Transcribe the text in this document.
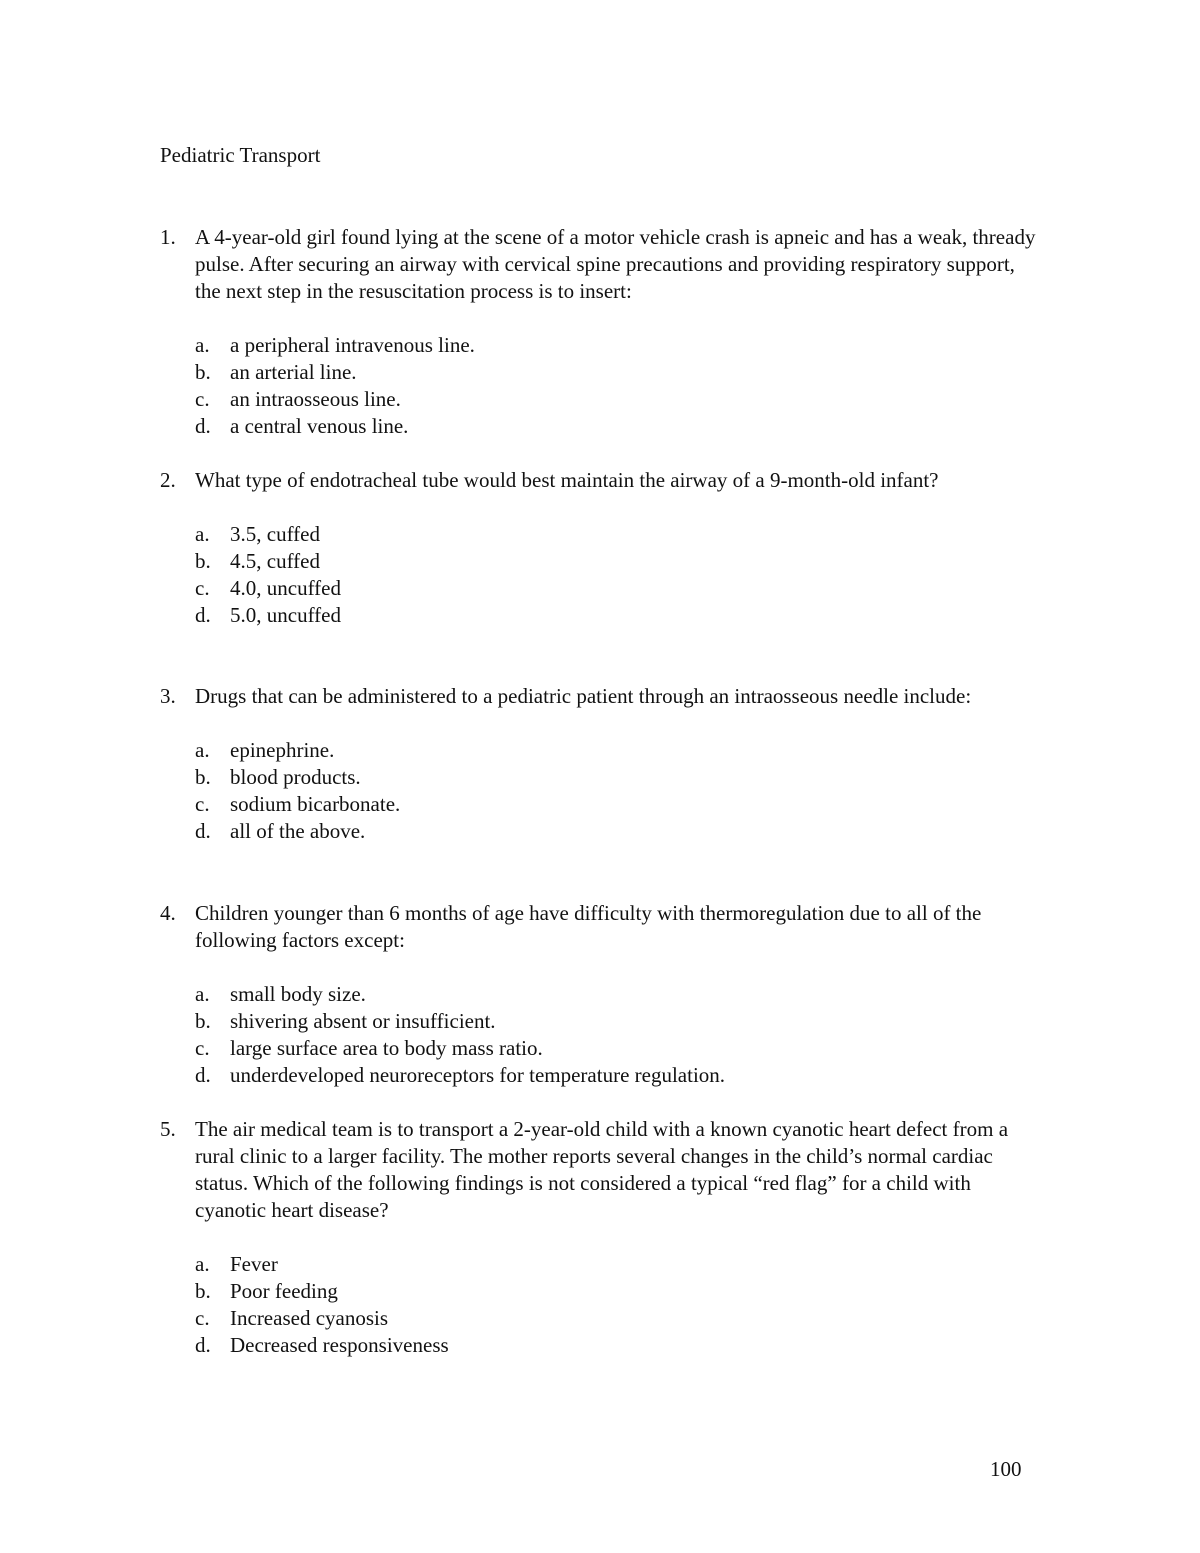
Pediatric Transport
1. A 4-year-old girl found lying at the scene of a motor vehicle crash is apneic and has a weak, thready pulse. After securing an airway with cervical spine precautions and providing respiratory support, the next step in the resuscitation process is to insert:
a. a peripheral intravenous line.
b. an arterial line.
c. an intraosseous line.
d. a central venous line.
2. What type of endotracheal tube would best maintain the airway of a 9-month-old infant?
a. 3.5, cuffed
b. 4.5, cuffed
c. 4.0, uncuffed
d. 5.0, uncuffed
3. Drugs that can be administered to a pediatric patient through an intraosseous needle include:
a. epinephrine.
b. blood products.
c. sodium bicarbonate.
d. all of the above.
4. Children younger than 6 months of age have difficulty with thermoregulation due to all of the following factors except:
a. small body size.
b. shivering absent or insufficient.
c. large surface area to body mass ratio.
d. underdeveloped neuroreceptors for temperature regulation.
5. The air medical team is to transport a 2-year-old child with a known cyanotic heart defect from a rural clinic to a larger facility. The mother reports several changes in the child’s normal cardiac status. Which of the following findings is not considered a typical “red flag” for a child with cyanotic heart disease?
a. Fever
b. Poor feeding
c. Increased cyanosis
d. Decreased responsiveness
100
